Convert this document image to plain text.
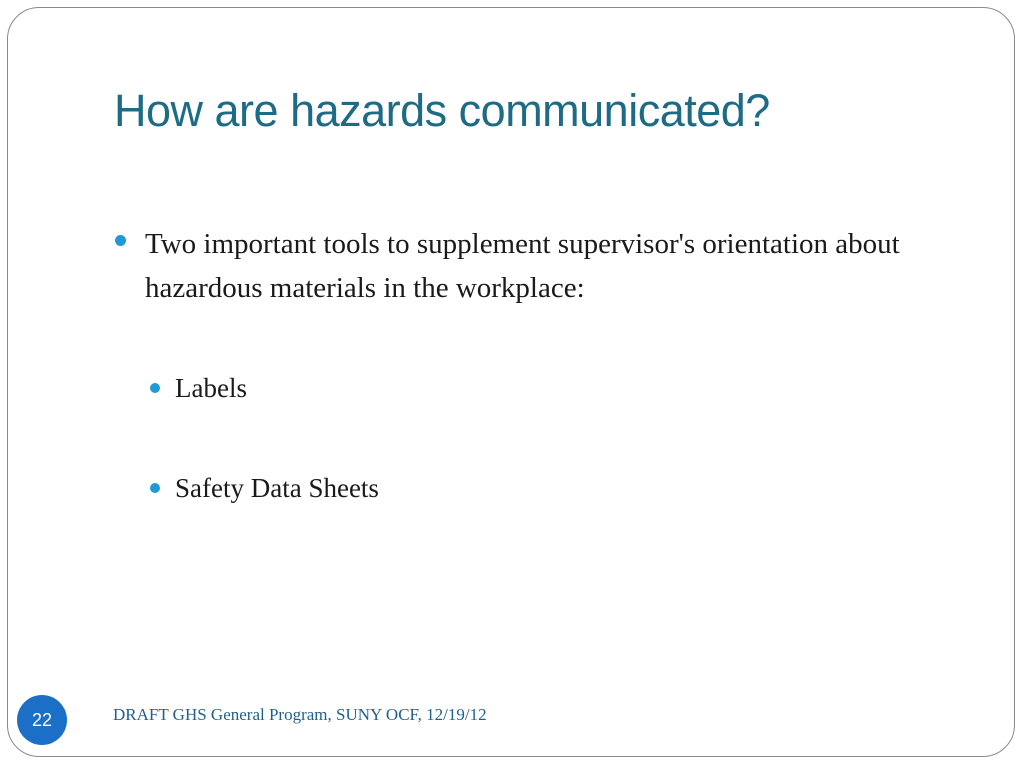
How are hazards communicated?
Two important tools to supplement supervisor's orientation about hazardous materials in the workplace:
Labels
Safety Data Sheets
22	DRAFT GHS General Program, SUNY OCF, 12/19/12
